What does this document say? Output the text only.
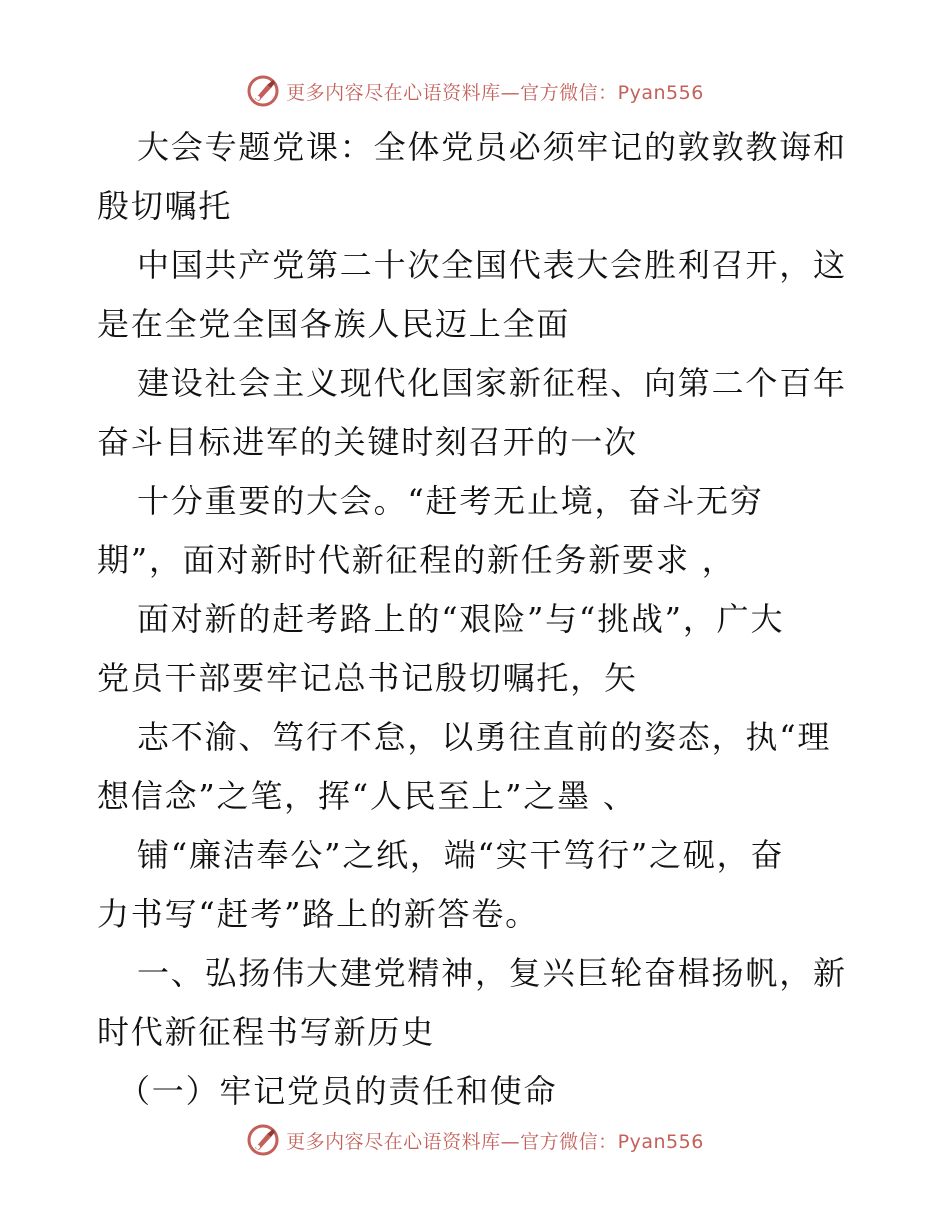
更多内容尽在心语资料库—官方微信：Pyan556

大会专题党课：全体党员必须牢记的敦敦教诲和

殷切嘱托

中国共产党第二十次全国代表大会胜利召开，这

是在全党全国各族人民迈上全面

建设社会主义现代化国家新征程、向第二个百年

奋斗目标进军的关键时刻召开的一次

十分重要的大会。“赶考无止境，奋斗无穷

期”，面对新时代新征程的新任务新要求 ，

面对新的赶考路上的“艰险”与“挑战”，广大

党员干部要牢记总书记殷切嘱托，矢

志不渝、笃行不怠，以勇往直前的姿态，执“理

想信念”之笔，挥“人民至上”之墨 、

铺“廉洁奉公”之纸，端“实干笃行”之砚，奋

力书写“赶考”路上的新答卷。

一、弘扬伟大建党精神，复兴巨轮奋楫扬帆，新

时代新征程书写新历史

（一）牢记党员的责任和使命

更多内容尽在心语资料库—官方微信：Pyan556
